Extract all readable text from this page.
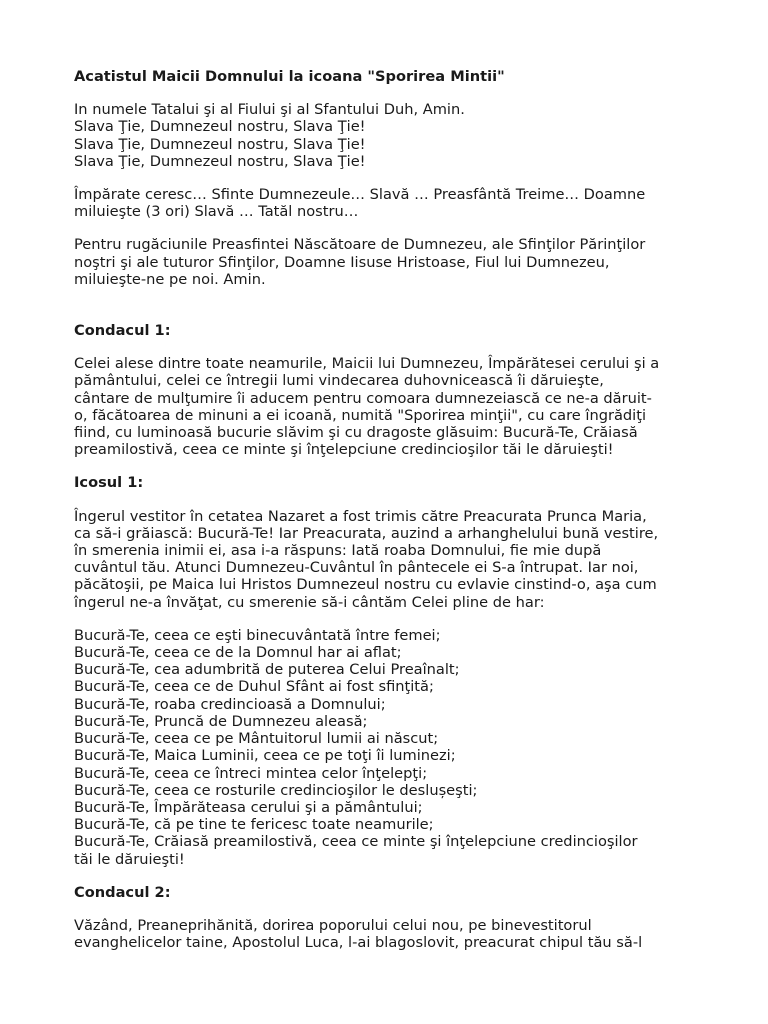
Acatistul Maicii Domnului la icoana "Sporirea Mintii"
In numele Tatalui şi al Fiului şi al Sfantului Duh, Amin.
Slava Ţie, Dumnezeul nostru, Slava Ţie!
Slava Ţie, Dumnezeul nostru, Slava Ţie!
Slava Ţie, Dumnezeul nostru, Slava Ţie!
Împărate ceresc… Sfinte Dumnezeule… Slavă … Preasfântă Treime… Doamne
miluieşte (3 ori) Slavă … Tatăl nostru…
Pentru rugăciunile Preasfintei Născătoare de Dumnezeu, ale Sfinţilor Părinţilor
noştri şi ale tuturor Sfinţilor, Doamne Iisuse Hristoase, Fiul lui Dumnezeu,
miluieşte-ne pe noi. Amin.
Condacul 1:
Celei alese dintre toate neamurile, Maicii lui Dumnezeu, Împărătesei cerului şi a
pământului, celei ce întregii lumi vindecarea duhovnicească îi dăruieşte,
cântare de mulţumire îi aducem pentru comoara dumnezeiască ce ne-a dăruit-
o, făcătoarea de minuni a ei icoană, numită "Sporirea minţii", cu care îngrădiţi
fiind, cu luminoasă bucurie slăvim şi cu dragoste glăsuim: Bucură-Te, Crăiasă
preamilostivă, ceea ce minte şi înţelepciune credincioşilor tăi le dăruieşti!
Icosul 1:
Îngerul vestitor în cetatea Nazaret a fost trimis către Preacurata Prunca Maria,
ca să-i grăiască: Bucură-Te! Iar Preacurata, auzind a arhanghelului bună vestire,
în smerenia inimii ei, asa i-a răspuns: Iată roaba Domnului, fie mie după
cuvântul tău. Atunci Dumnezeu-Cuvântul în pântecele ei S-a întrupat. Iar noi,
păcătoşii, pe Maica lui Hristos Dumnezeul nostru cu evlavie cinstind-o, aşa cum
îngerul ne-a învăţat, cu smerenie să-i cântăm Celei pline de har:
Bucură-Te, ceea ce eşti binecuvântată între femei;
Bucură-Te, ceea ce de la Domnul har ai aflat;
Bucură-Te, cea adumbrită de puterea Celui Preaînalt;
Bucură-Te, ceea ce de Duhul Sfânt ai fost sfinţită;
Bucură-Te, roaba credincioasă a Domnului;
Bucură-Te, Pruncă de Dumnezeu aleasă;
Bucură-Te, ceea ce pe Mântuitorul lumii ai născut;
Bucură-Te, Maica Luminii, ceea ce pe toţi îi luminezi;
Bucură-Te, ceea ce întreci mintea celor înţelepţi;
Bucură-Te, ceea ce rosturile credincioşilor le deslușeşti;
Bucură-Te, Împărăteasa cerului şi a pământului;
Bucură-Te, că pe tine te fericesc toate neamurile;
Bucură-Te, Crăiasă preamilostivă, ceea ce minte şi înţelepciune credincioşilor
tăi le dăruieşti!
Condacul 2:
Văzând, Preaneprihănită, dorirea poporului celui nou, pe binevestitorul
evanghelicelor taine, Apostolul Luca, l-ai blagoslovit, preacurat chipul tău să-l
